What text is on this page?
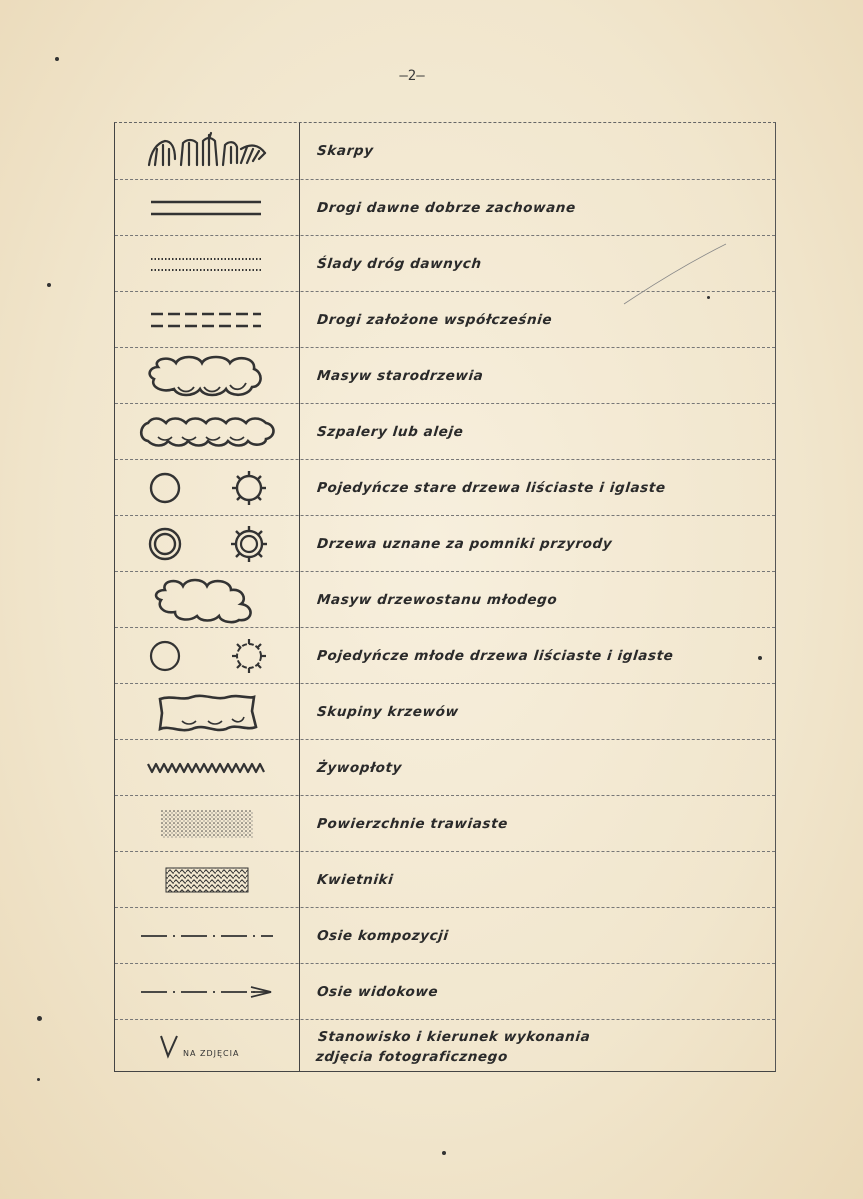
—2—
Skarpy
Drogi dawne dobrze zachowane
Ślady dróg dawnych
Drogi założone współcześnie
Masyw starodrzewia
Szpalery lub aleje
Pojedyńcze stare drzewa liściaste i iglaste
Drzewa uznane za pomniki przyrody
Masyw drzewostanu młodego
Pojedyńcze młode drzewa liściaste i iglaste
Skupiny krzewów
Żywopłoty
Powierzchnie trawiaste
Kwietniki
Osie kompozycji
Osie widokowe
NA ZDJĘCIA
Stanowisko i kierunek wykonania
zdjęcia fotograficznego
